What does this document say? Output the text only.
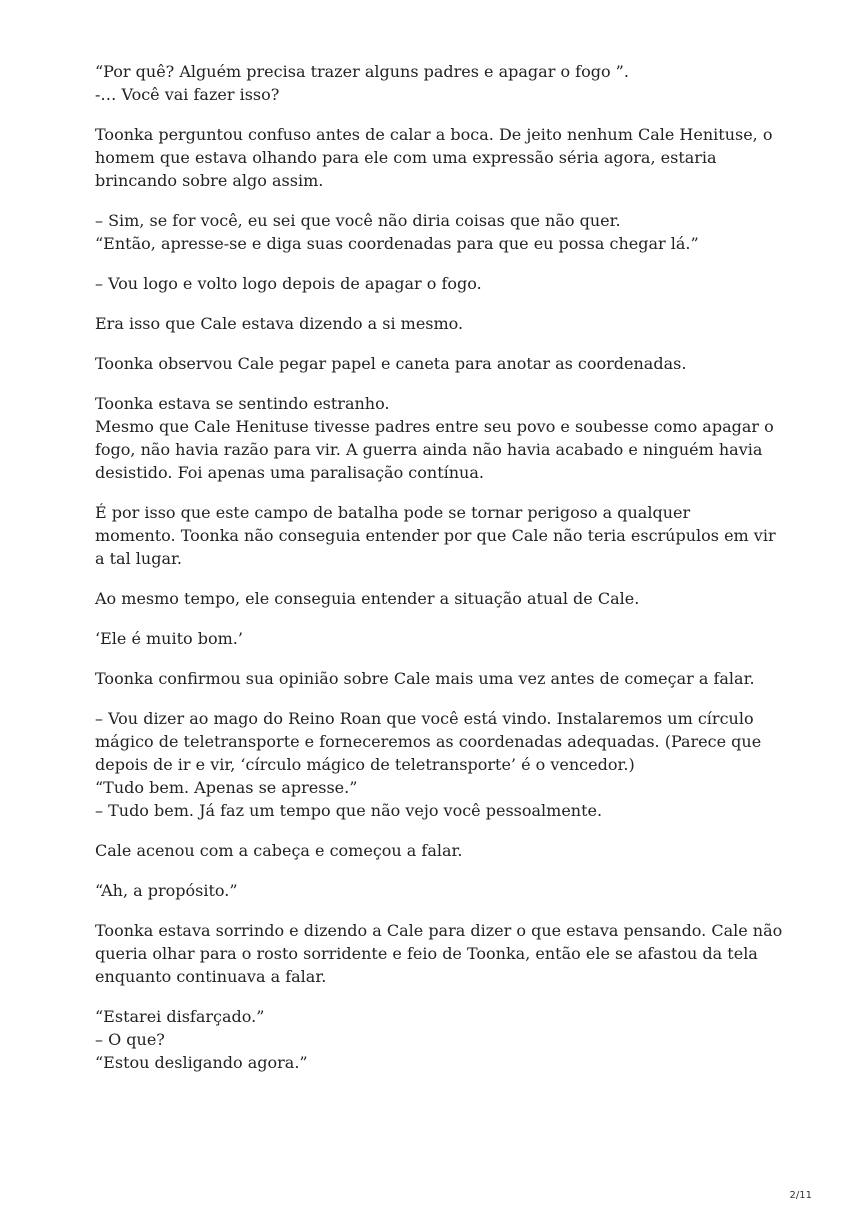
“Por quê? Alguém precisa trazer alguns padres e apagar o fogo ”.
-… Você vai fazer isso?

Toonka perguntou confuso antes de calar a boca. De jeito nenhum Cale Henituse, o homem que estava olhando para ele com uma expressão séria agora, estaria brincando sobre algo assim.

– Sim, se for você, eu sei que você não diria coisas que não quer.
“Então, apresse-se e diga suas coordenadas para que eu possa chegar lá.”

– Vou logo e volto logo depois de apagar o fogo.

Era isso que Cale estava dizendo a si mesmo.

Toonka observou Cale pegar papel e caneta para anotar as coordenadas.

Toonka estava se sentindo estranho.
Mesmo que Cale Henituse tivesse padres entre seu povo e soubesse como apagar o fogo, não havia razão para vir. A guerra ainda não havia acabado e ninguém havia desistido. Foi apenas uma paralisação contínua.

É por isso que este campo de batalha pode se tornar perigoso a qualquer
momento. Toonka não conseguia entender por que Cale não teria escrúpulos em vir a tal lugar.

Ao mesmo tempo, ele conseguia entender a situação atual de Cale.

‘Ele é muito bom.’

Toonka confirmou sua opinião sobre Cale mais uma vez antes de começar a falar.

– Vou dizer ao mago do Reino Roan que você está vindo. Instalaremos um círculo mágico de teletransporte e forneceremos as coordenadas adequadas. (Parece que depois de ir e vir, ‘círculo mágico de teletransporte’ é o vencedor.)
“Tudo bem. Apenas se apresse.”
– Tudo bem. Já faz um tempo que não vejo você pessoalmente.

Cale acenou com a cabeça e começou a falar.

“Ah, a propósito.”

Toonka estava sorrindo e dizendo a Cale para dizer o que estava pensando. Cale não queria olhar para o rosto sorridente e feio de Toonka, então ele se afastou da tela enquanto continuava a falar.

“Estarei disfarçado.”
– O que?
“Estou desligando agora.”

2/11
